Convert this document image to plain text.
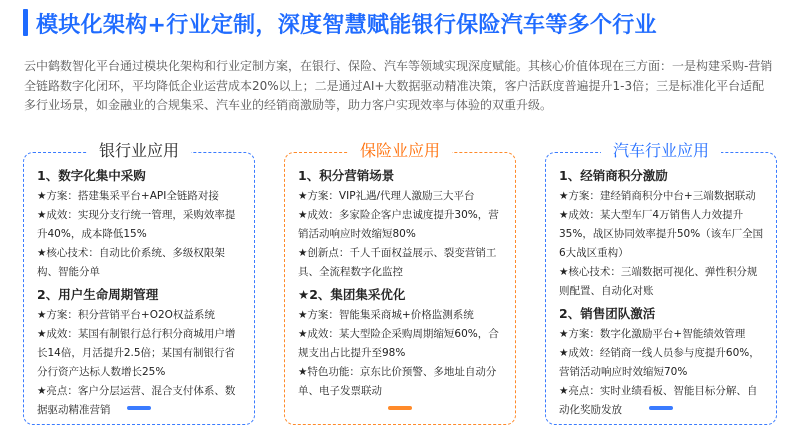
模块化架构+行业定制，深度智慧赋能银行保险汽车等多个行业
云中鹤数智化平台通过模块化架构和行业定制方案，在银行、保险、汽车等领域实现深度赋能。其核心价值体现在三方面：一是构建采购-营销全链路数字化闭环，平均降低企业运营成本20%以上；二是通过AI+大数据驱动精准决策，客户活跃度普遍提升1-3倍；三是标准化平台适配多行业场景，如金融业的合规集采、汽车业的经销商激励等，助力客户实现效率与体验的双重升级。
银行业应用
1、数字化集中采购
★方案：搭建集采平台+API全链路对接
★成效：实现分支行统一管理，采购效率提升40%，成本降低15%
★核心技术：自动比价系统、多级权限架构、智能分单
2、用户生命周期管理
★方案：积分营销平台+O2O权益系统
★成效：某国有制银行总行积分商城用户增长14倍，月活提升2.5倍；某国有制银行省分行资产达标人数增长25%
★亮点：客户分层运营、混合支付体系、数据驱动精准营销
保险业应用
1、积分营销场景
★方案：VIP礼遇/代理人激励三大平台
★成效：多家险企客户忠诚度提升30%，营销活动响应时效缩短80%
★创新点：千人千面权益展示、裂变营销工具、全流程数字化监控
★2、集团集采优化
★方案：智能集采商城+价格监测系统
★成效：某大型险企采购周期缩短60%，合规支出占比提升至98%
★特色功能：京东比价预警、多地址自动分单、电子发票联动
汽车行业应用
1、经销商积分激励
★方案：建经销商积分中台+三端数据联动
★成效：某大型车厂4万销售人力效提升35%，战区协同效率提升50%（该车厂全国6大战区重构）
★核心技术：三端数据可视化、弹性积分规则配置、自动化对账
2、销售团队激活
★方案：数字化激励平台+智能绩效管理
★成效：经销商一线人员参与度提升60%，营销活动响应时效缩短70%
★亮点：实时业绩看板、智能目标分解、自动化奖励发放
